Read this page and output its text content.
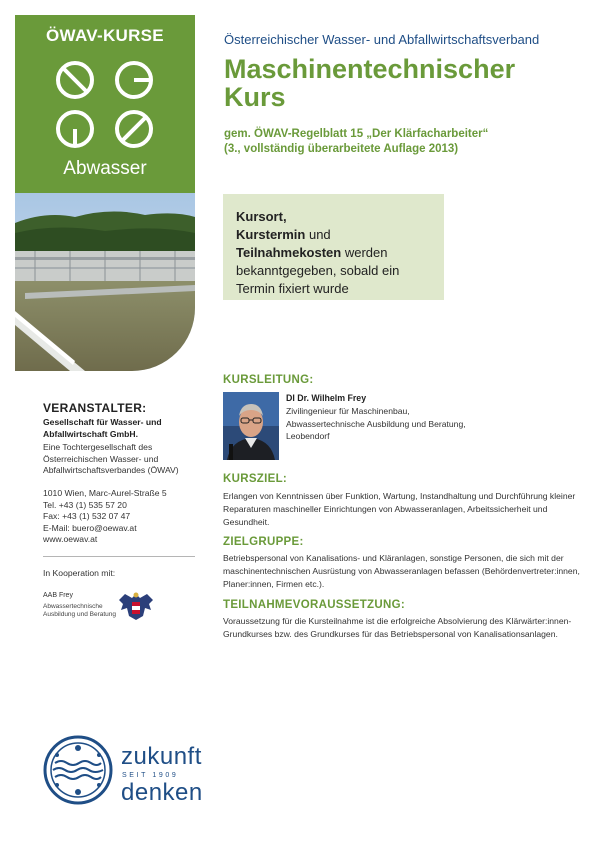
ÖWAV-KURSE
Abwasser
Österreichischer Wasser- und Abfallwirtschaftsverband
Maschinentechnischer
Kurs
gem. ÖWAV-Regelblatt 15 „Der Klärfacharbeiter“
(3., vollständig überarbeitete Auflage 2013)
Kursort,
Kurstermin und
Teilnahmekosten werden
bekanntgegeben, sobald ein
Termin fixiert wurde
KURSLEITUNG:
DI Dr. Wilhelm Frey
Zivilingenieur für Maschinenbau,
Abwassertechnische Ausbildung und Beratung,
Leobendorf
KURSZIEL:
Erlangen von Kenntnissen über Funktion, Wartung, Instandhaltung und Durchführung kleiner Reparaturen maschineller Einrichtungen von Abwasseranlagen, Arbeitssicherheit und Gesundheit.
ZIELGRUPPE:
Betriebspersonal von Kanalisations- und Kläranlagen, sonstige Personen, die sich mit der maschinentechnischen Ausrüstung von Abwasseranlagen befassen (Behördenvertreter:innen, Planer:innen, Firmen etc.).
TEILNAHMEVORAUSSETZUNG:
Voraussetzung für die Kursteilnahme ist die erfolgreiche Absolvierung des Klärwärter:innen-Grundkurses bzw. des Grundkurses für das Betriebspersonal von Kanalisationsanlagen.
VERANSTALTER:
Gesellschaft für Wasser- und
Abfallwirtschaft GmbH.
Eine Tochtergesellschaft des
Österreichischen Wasser- und
Abfallwirtschaftsverbandes (ÖWAV)
1010 Wien, Marc-Aurel-Straße 5
Tel. +43 (1) 535 57 20
Fax: +43 (1) 532 07 47
E-Mail: buero@oewav.at
www.oewav.at
In Kooperation mit:
AAB Frey
Abwassertechnische
Ausbildung und Beratung
zukunft
SEIT 1909
denken
